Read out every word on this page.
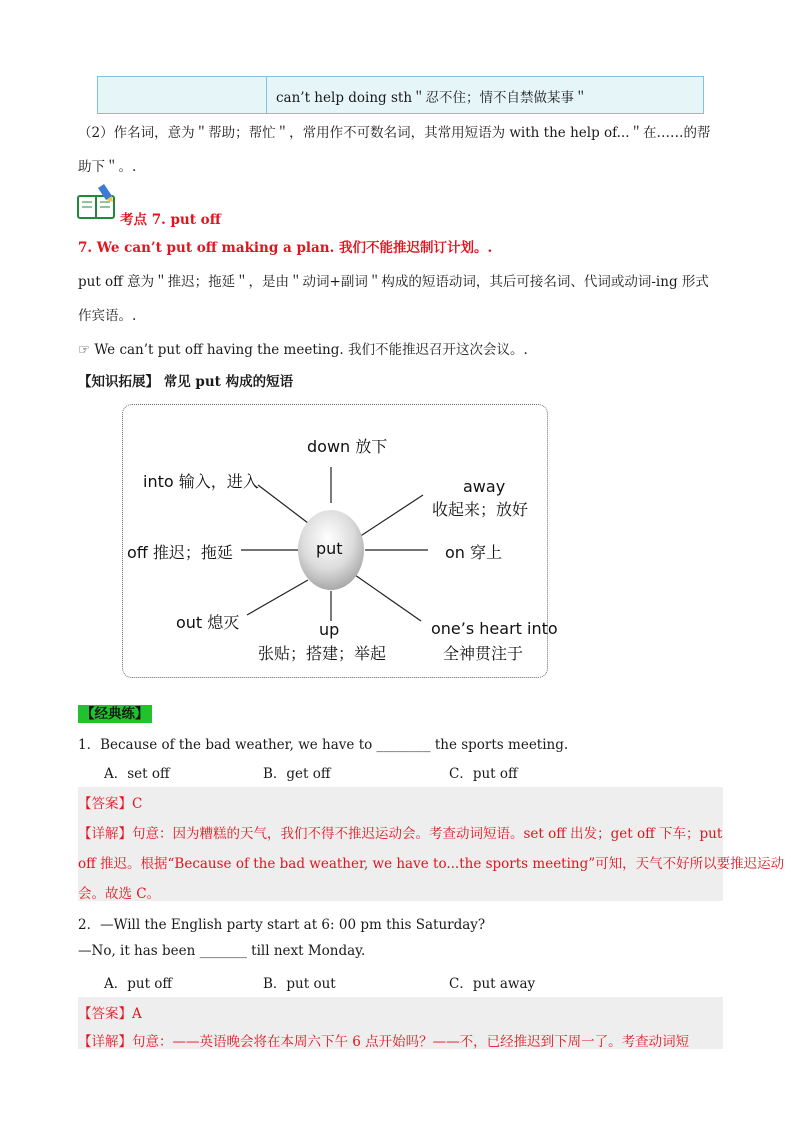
can’t help doing sth＂忍不住；情不自禁做某事＂
（2）作名词，意为＂帮助；帮忙＂，常用作不可数名词，其常用短语为 with the help of...＂在……的帮
助下＂。.
考点 7. put off
7. We can’t put off making a plan. 我们不能推迟制订计划。.
put off 意为＂推迟；拖延＂，是由＂动词+副词＂构成的短语动词，其后可接名词、代词或动词-ing 形式
作宾语。.
☞ We can’t put off having the meeting. 我们不能推迟召开这次会议。.
【知识拓展】 常见 put 构成的短语
put
down 放下
into 输入，进入	away
收起来；放好
off 推迟；拖延	on 穿上
out 熄灭	up
张贴；搭建；举起
one’s heart into
全神贯注于
【经典练】
1．Because of the bad weather, we have to ________ the sports meeting.
A．set off	B．get off	C．put off
【答案】C
【详解】句意：因为糟糕的天气，我们不得不推迟运动会。考查动词短语。set off 出发；get off 下车；put
off 推迟。根据“Because of the bad weather, we have to...the sports meeting”可知，天气不好所以要推迟运动
会。故选 C。
2．—Will the English party start at 6: 00 pm this Saturday?
—No, it has been _______ till next Monday.
A．put off	B．put out	C．put away
【答案】A
【详解】句意：——英语晚会将在本周六下午 6 点开始吗？——不，已经推迟到下周一了。考查动词短
